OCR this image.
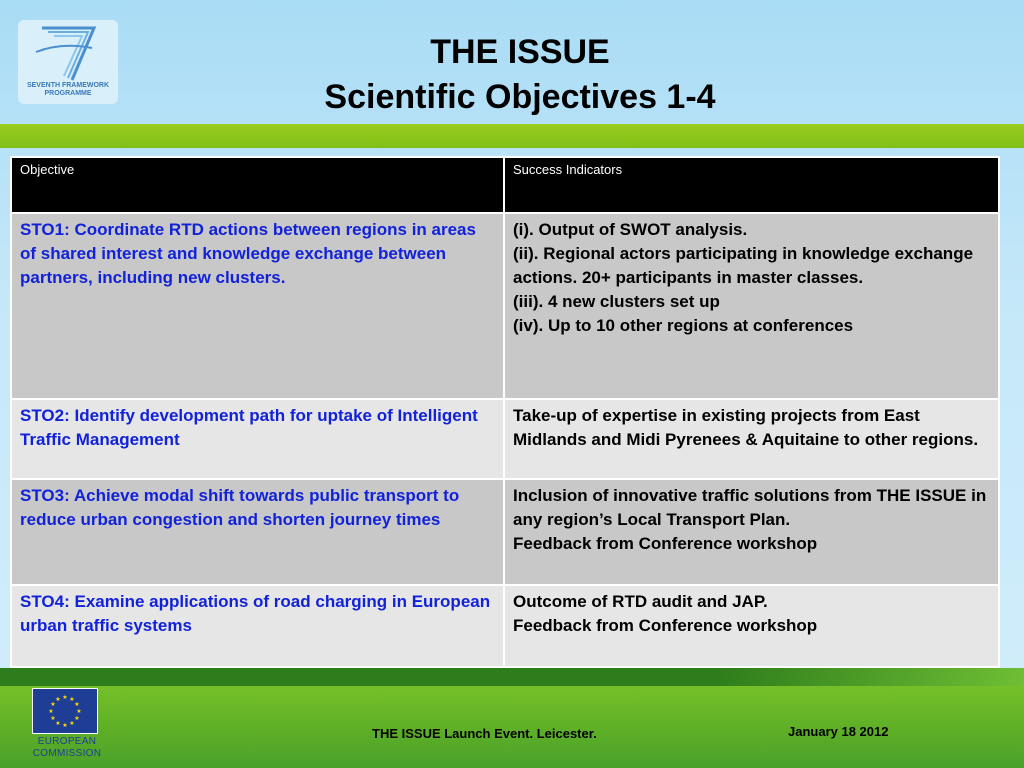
SEVENTH FRAMEWORK
PROGRAMME
THE ISSUE
Scientific Objectives 1-4
Objective	Success Indicators
STO1: Coordinate RTD actions between regions in areas of shared interest and knowledge exchange between partners, including new clusters.	(i). Output of SWOT analysis.
(ii). Regional actors participating in knowledge exchange actions. 20+ participants in master classes.
(iii). 4 new clusters set up
(iv). Up to 10 other regions at conferences

STO2: Identify development path for uptake of Intelligent Traffic Management	Take-up of expertise in existing projects from East Midlands and Midi Pyrenees & Aquitaine to other regions.

STO3: Achieve modal shift towards public transport to reduce urban congestion and shorten journey times	Inclusion of innovative traffic solutions from THE ISSUE in any region’s Local Transport Plan.
Feedback from Conference workshop

STO4: Examine applications of road charging in European urban traffic systems	Outcome of RTD audit and JAP.
Feedback from Conference workshop
★ ★
★
★
★
★
★
★
★
★
★
★
EUROPEAN
COMMISSION
THE ISSUE Launch Event. Leicester.	January 18 2012
